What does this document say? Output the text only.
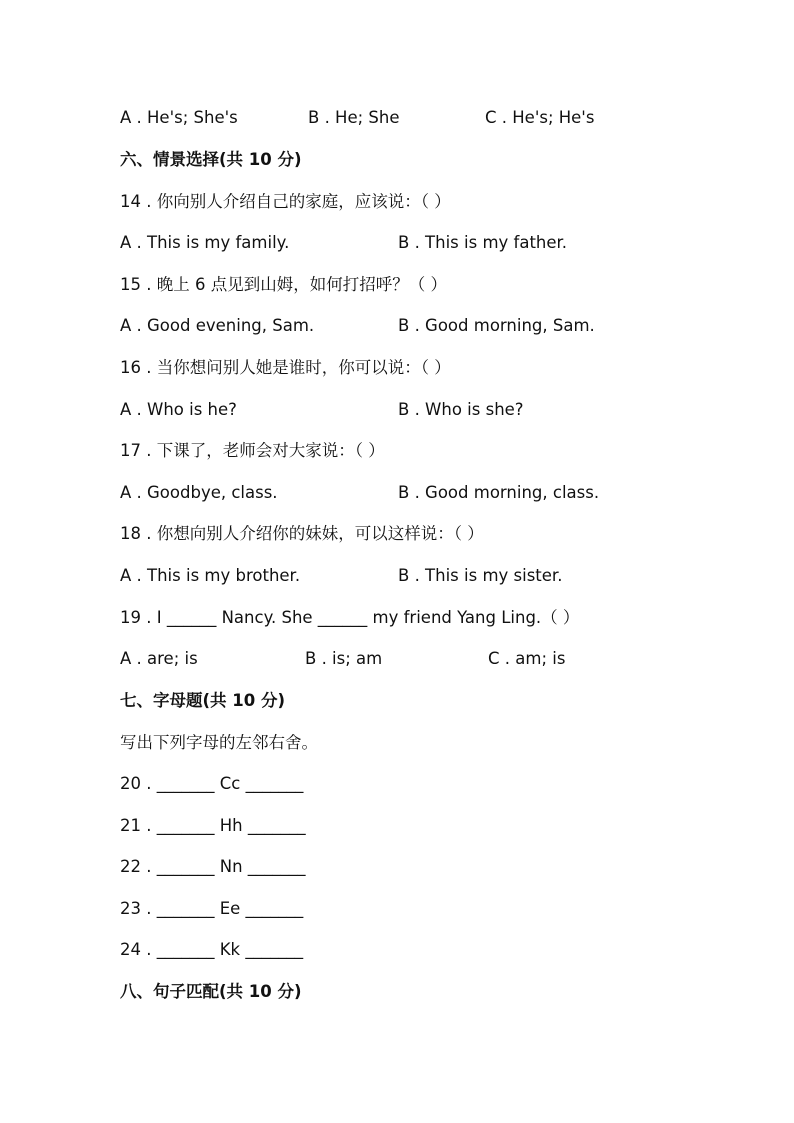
A . He's; She's	B . He; She	C . He's; He's
六、情景选择(共 10 分)
14 . 你向别人介绍自己的家庭，应该说：（ ）
A . This is my family.	B . This is my father.
15 . 晚上 6 点见到山姆，如何打招呼？（ ）
A . Good evening, Sam.	B . Good morning, Sam.
16 . 当你想问别人她是谁时，你可以说：（ ）
A . Who is he?	B . Who is she?
17 . 下课了，老师会对大家说：（ ）
A . Goodbye, class.	B . Good morning, class.
18 . 你想向别人介绍你的妹妹，可以这样说：（ ）
A . This is my brother.	B . This is my sister.
19 . I ______ Nancy. She ______ my friend Yang Ling.（ ）
A . are; is	B . is; am	C . am; is
七、字母题(共 10 分)
写出下列字母的左邻右舍。
20 . _______ Cc _______
21 . _______ Hh _______
22 . _______ Nn _______
23 . _______ Ee _______
24 . _______ Kk _______
八、句子匹配(共 10 分)
